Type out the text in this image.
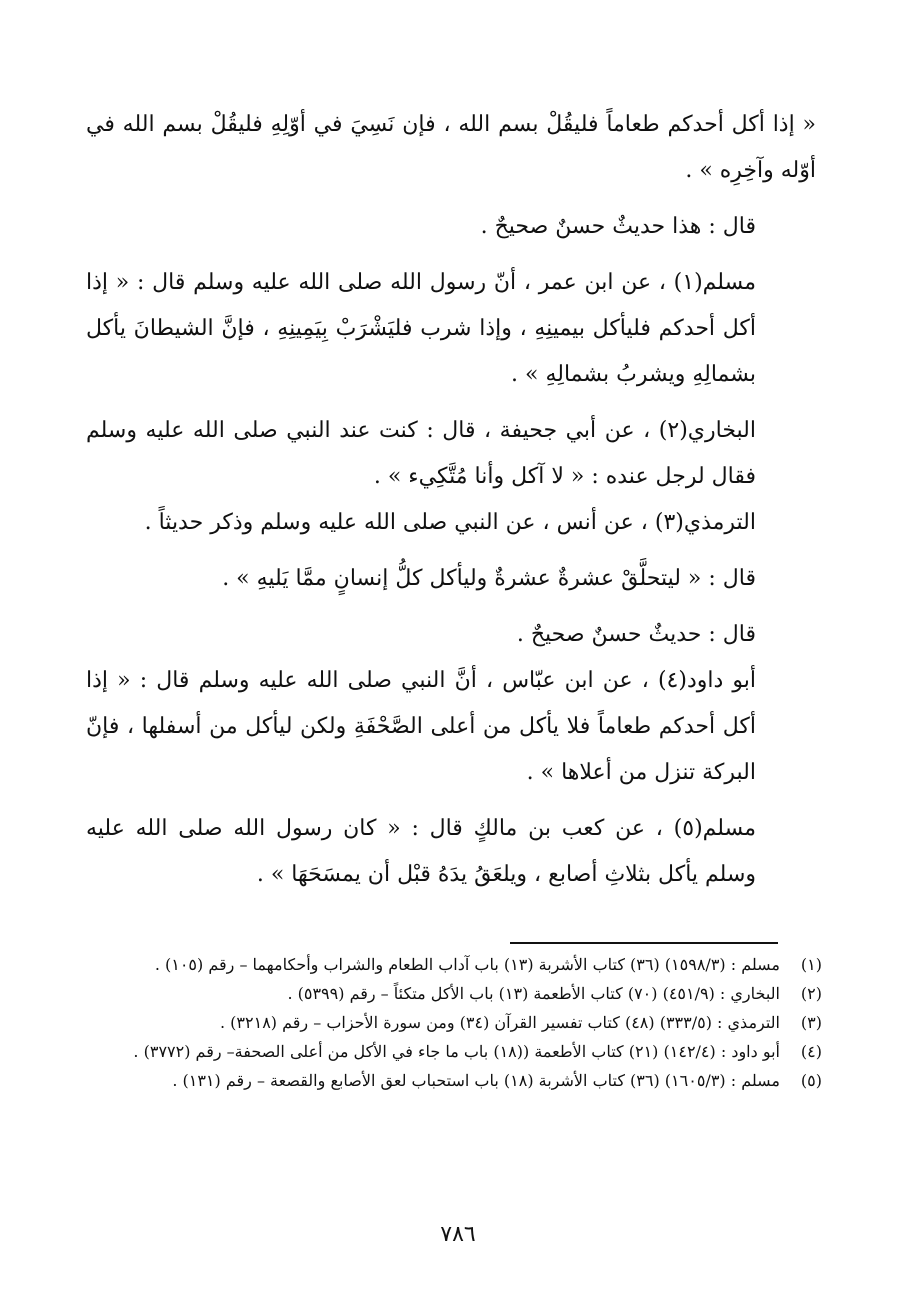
« إذا أكل أحدكم طعاماً فليقُلْ بسم الله ، فإن نَسِيَ في أوّلِهِ فليقُلْ بسم الله في أوّله وآخِرِه » .

قال : هذا حديثٌ حسنٌ صحيحٌ .

مسلم(١) ، عن ابن عمر ، أنّ رسول الله صلى الله عليه وسلم قال : « إذا أكل أحدكم فليأكل بيمينِهِ ، وإذا شرب فليَشْرَبْ بِيَمِينِهِ ، فإنَّ الشيطانَ يأكل بشمالِهِ ويشربُ بشمالِهِ » .

البخاري(٢) ، عن أبي جحيفة ، قال : كنت عند النبي صلى الله عليه وسلم فقال لرجل عنده : « لا آكل وأنا مُتَّكِيء » .

الترمذي(٣) ، عن أنس ، عن النبي صلى الله عليه وسلم وذكر حديثاً .

قال : « ليتحلَّقْ عشرةٌ عشرةٌ وليأكل كلُّ إنسانٍ ممَّا يَليهِ » .

قال : حديثٌ حسنٌ صحيحٌ .

أبو داود(٤) ، عن ابن عبّاس ، أنَّ النبي صلى الله عليه وسلم قال : « إذا أكل أحدكم طعاماً فلا يأكل من أعلى الصَّحْفَةِ ولكن ليأكل من أسفلها ، فإنّ البركة تنزل من أعلاها » .

مسلم(٥) ، عن كعب بن مالكٍ قال : « كان رسول الله صلى الله عليه وسلم يأكل بثلاثِ أصابع ، ويلعَقُ يدَهُ قبْل أن يمسَحَهَا » .

(١)
مسلم : (١٥٩٨/٣) (٣٦) كتاب الأشربة (١٣) باب آداب الطعام والشراب وأحكامهما – رقم (١٠٥) .
(٢)
البخاري : (٤٥١/٩) (٧٠) كتاب الأطعمة (١٣) باب الأكل متكئاً – رقم (٥٣٩٩) .
(٣)
الترمذي : (٣٣٣/٥) (٤٨) كتاب تفسير القرآن (٣٤) ومن سورة الأحزاب – رقم (٣٢١٨) .
(٤)
أبو داود : (١٤٢/٤) (٢١) كتاب الأطعمة ((١٨) باب ما جاء في الأكل من أعلى الصحفة– رقم (٣٧٧٢) .
(٥)
مسلم : (١٦٠٥/٣) (٣٦) كتاب الأشربة (١٨) باب استحباب لعق الأصابع والقصعة – رقم (١٣١) .
٧٨٦
